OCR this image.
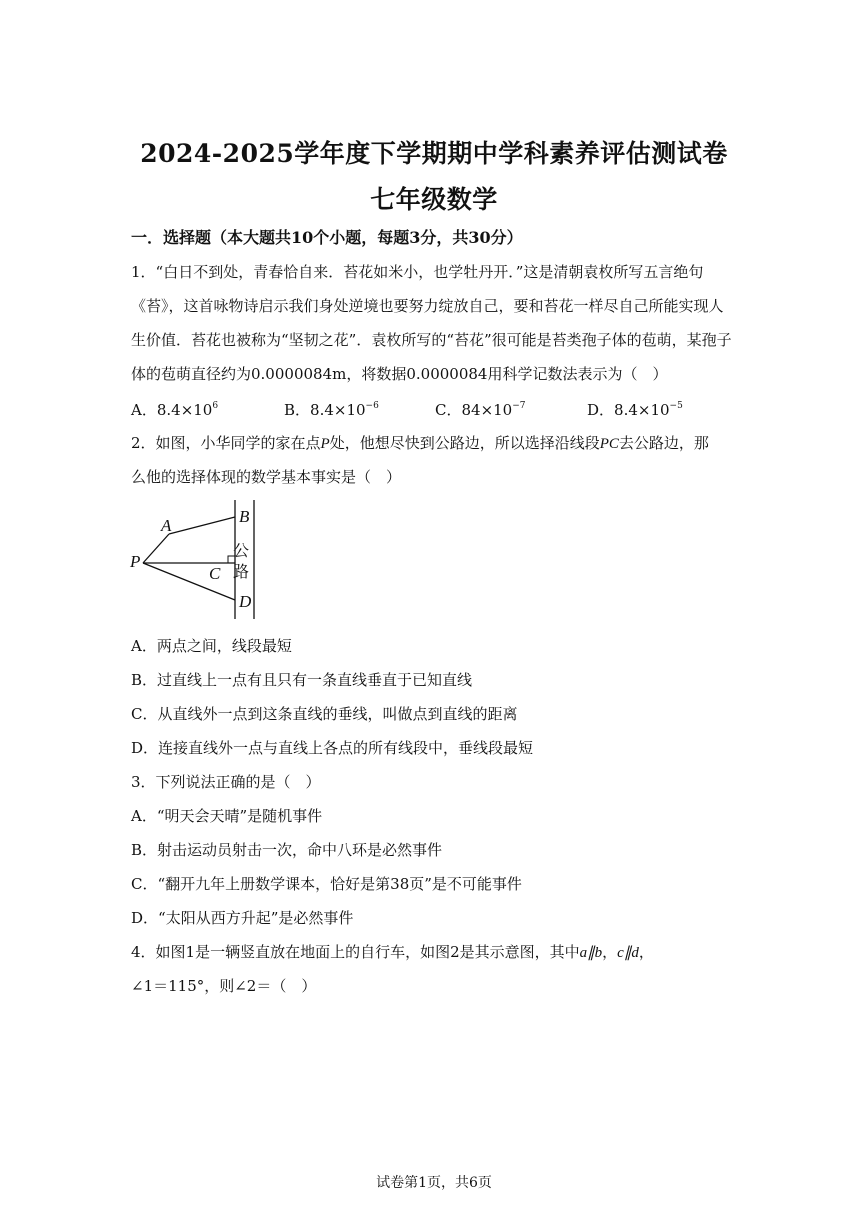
2024-2025学年度下学期期中学科素养评估测试卷
七年级数学
一．选择题（本大题共10个小题，每题3分，共30分）
1．“白日不到处，青春恰自来．苔花如米小，也学牡丹开．”这是清朝袁枚所写五言绝句
《苔》，这首咏物诗启示我们身处逆境也要努力绽放自己，要和苔花一样尽自己所能实现人
生价值．苔花也被称为“坚韧之花”．袁枚所写的“苔花”很可能是苔类孢子体的苞萌，某孢子
体的苞萌直径约为0.0000084m，将数据0.0000084用科学记数法表示为（　）
A．$8.4\times 10^6$	B．$8.4\times 10^{-6}$	C．$84\times 10^{-7}$	D．$8.4\times 10^{-5}$
2．如图，小华同学的家在点P处，他想尽快到公路边，所以选择沿线段PC去公路边，那
么他的选择体现的数学基本事实是（　）
A	B
C
D
P
公
路
A．两点之间，线段最短
B．过直线上一点有且只有一条直线垂直于已知直线
C．从直线外一点到这条直线的垂线，叫做点到直线的距离
D．连接直线外一点与直线上各点的所有线段中，垂线段最短
3．下列说法正确的是（　）
A．“明天会天晴”是随机事件
B．射击运动员射击一次，命中八环是必然事件
C．“翻开九年上册数学课本，恰好是第38页”是不可能事件
D．“太阳从西方升起”是必然事件
4．如图1是一辆竖直放在地面上的自行车，如图2是其示意图，其中a∥b，c∥d，
∠1＝115°，则∠2＝（　）
试卷第1页，共6页
